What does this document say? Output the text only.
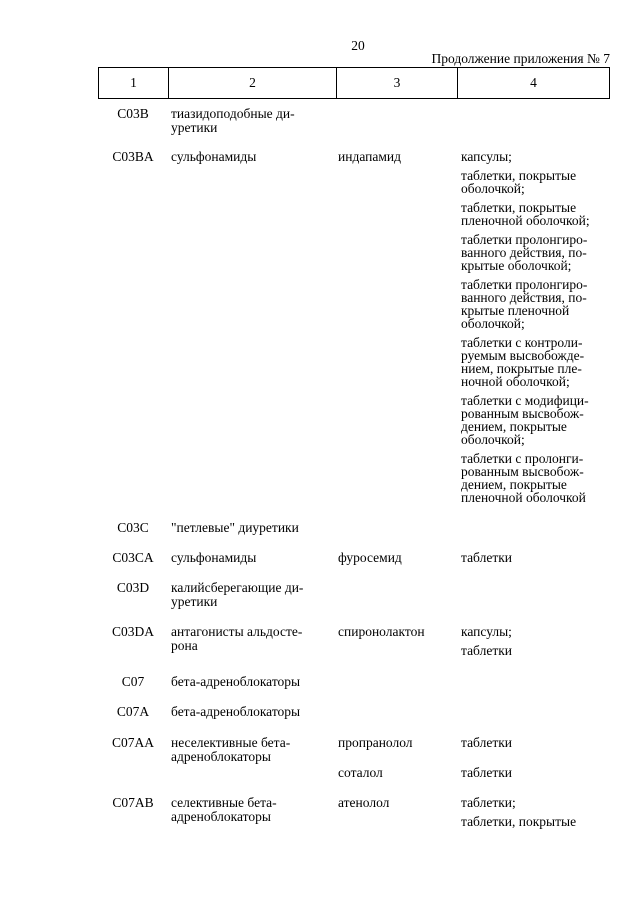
20
Продолжение приложения № 7
1	2	3	4
C03B	тиазидоподобные ди-
уретики
C03BA	сульфонамиды	индапамид	капсулы;
таблетки, покрытые
оболочкой;
таблетки, покрытые
пленочной оболочкой;
таблетки пролонгиро-
ванного действия, по-
крытые оболочкой;
таблетки пролонгиро-
ванного действия, по-
крытые пленочной
оболочкой;
таблетки с контроли-
руемым высвобожде-
нием, покрытые пле-
ночной оболочкой;
таблетки с модифици-
рованным высвобож-
дением, покрытые
оболочкой;
таблетки с пролонги-
рованным высвобож-
дением, покрытые
пленочной оболочкой
C03C	"петлевые" диуретики
C03CA	сульфонамиды	фуросемид	таблетки
C03D	калийсберегающие ди-
уретики
C03DA	антагонисты альдосте-
рона
спиронолактон	капсулы;
таблетки
C07	бета-адреноблокаторы
C07A	бета-адреноблокаторы
C07AA	неселективные бета-
адреноблокаторы
пропранолол	таблетки
соталол	таблетки
C07AB	селективные бета-
адреноблокаторы
атенолол	таблетки;
таблетки, покрытые
